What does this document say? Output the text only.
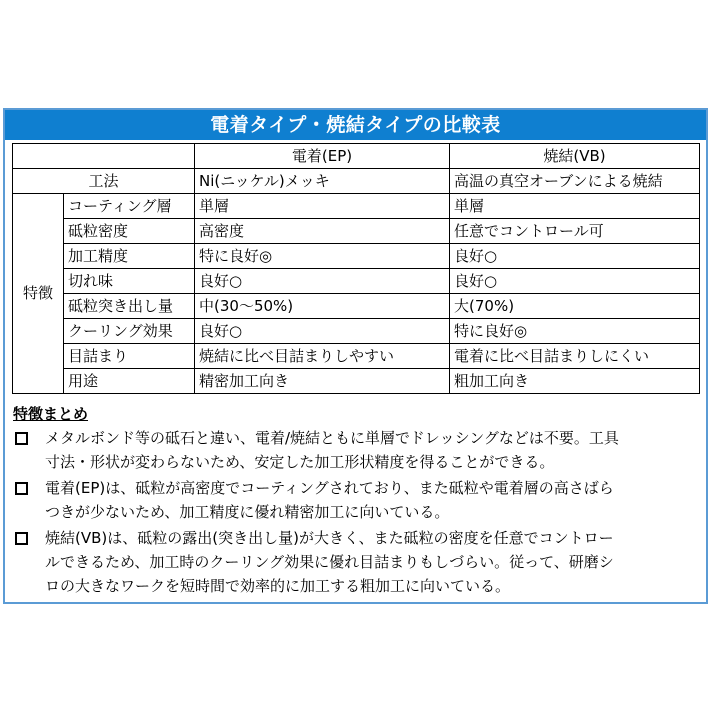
電着タイプ・焼結タイプの比較表
		電着(EP)	焼結(VB)
工法		Ni(ニッケル)メッキ	高温の真空オーブンによる焼結
特徴	コーティング層	単層	単層
	砥粒密度	高密度	任意でコントロール可
	加工精度	特に良好◎	良好○
	切れ味	良好○	良好○
	砥粒突き出し量	中(30〜50%)	大(70%)
	クーリング効果	良好○	特に良好◎
	目詰まり	焼結に比べ目詰まりしやすい	電着に比べ目詰まりしにくい
	用途	精密加工向き	粗加工向き
特徴まとめ
メタルボンド等の砥石と違い、電着/焼結ともに単層でドレッシングなどは不要。工具
寸法・形状が変わらないため、安定した加工形状精度を得ることができる。
電着(EP)は、砥粒が高密度でコーティングされており、また砥粒や電着層の高さばら
つきが少ないため、加工精度に優れ精密加工に向いている。
焼結(VB)は、砥粒の露出(突き出し量)が大きく、また砥粒の密度を任意でコントロー
ルできるため、加工時のクーリング効果に優れ目詰まりもしづらい。従って、研磨シ
ロの大きなワークを短時間で効率的に加工する粗加工に向いている。
